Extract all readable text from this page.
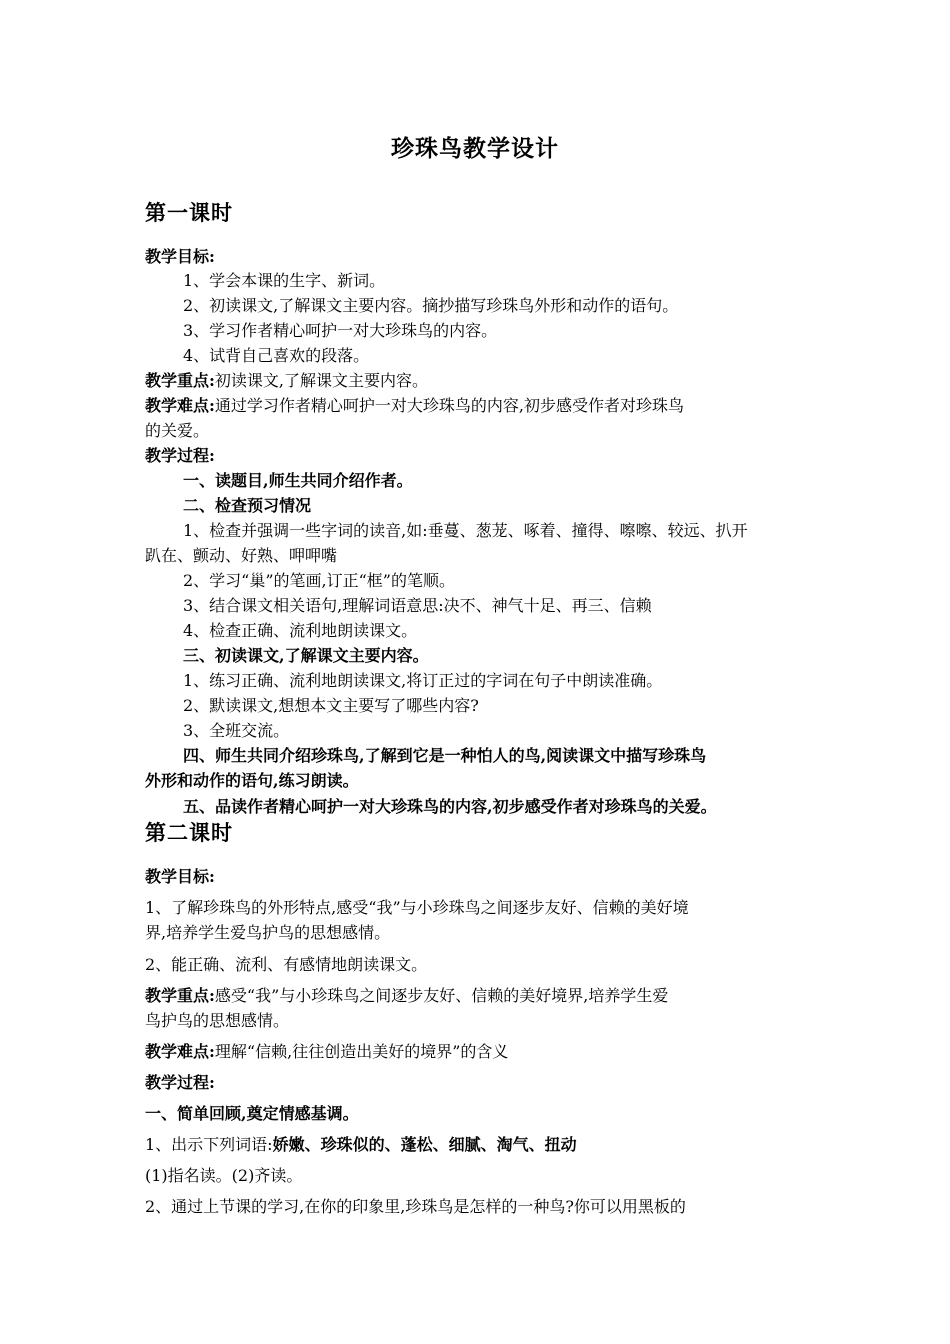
珍珠鸟教学设计
第一课时
教学目标:
1、学会本课的生字、新词。
2、初读课文,了解课文主要内容。摘抄描写珍珠鸟外形和动作的语句。
3、学习作者精心呵护一对大珍珠鸟的内容。
4、试背自己喜欢的段落。
教学重点:初读课文,了解课文主要内容。
教学难点:通过学习作者精心呵护一对大珍珠鸟的内容,初步感受作者对珍珠鸟
的关爱。
教学过程:
一、读题目,师生共同介绍作者。
二、检查预习情况
1、检查并强调一些字词的读音,如:垂蔓、葱茏、啄着、撞得、嚓嚓、较远、扒开
趴在、颤动、好熟、呷呷嘴
2、学习“巢”的笔画,订正“框”的笔顺。
3、结合课文相关语句,理解词语意思:决不、神气十足、再三、信赖
4、检查正确、流利地朗读课文。
三、初读课文,了解课文主要内容。
1、练习正确、流利地朗读课文,将订正过的字词在句子中朗读准确。
2、默读课文,想想本文主要写了哪些内容?
3、全班交流。
四、师生共同介绍珍珠鸟,了解到它是一种怕人的鸟,阅读课文中描写珍珠鸟
外形和动作的语句,练习朗读。
五、品读作者精心呵护一对大珍珠鸟的内容,初步感受作者对珍珠鸟的关爱。
第二课时
教学目标:
1、了解珍珠鸟的外形特点,感受“我”与小珍珠鸟之间逐步友好、信赖的美好境
界,培养学生爱鸟护鸟的思想感情。
2、能正确、流利、有感情地朗读课文。
教学重点:感受“我”与小珍珠鸟之间逐步友好、信赖的美好境界,培养学生爱
鸟护鸟的思想感情。
教学难点:理解“信赖,往往创造出美好的境界”的含义
教学过程:
一、简单回顾,奠定情感基调。
1、出示下列词语:娇嫩、珍珠似的、蓬松、细腻、淘气、扭动
(1)指名读。(2)齐读。
2、通过上节课的学习,在你的印象里,珍珠鸟是怎样的一种鸟?你可以用黑板的
